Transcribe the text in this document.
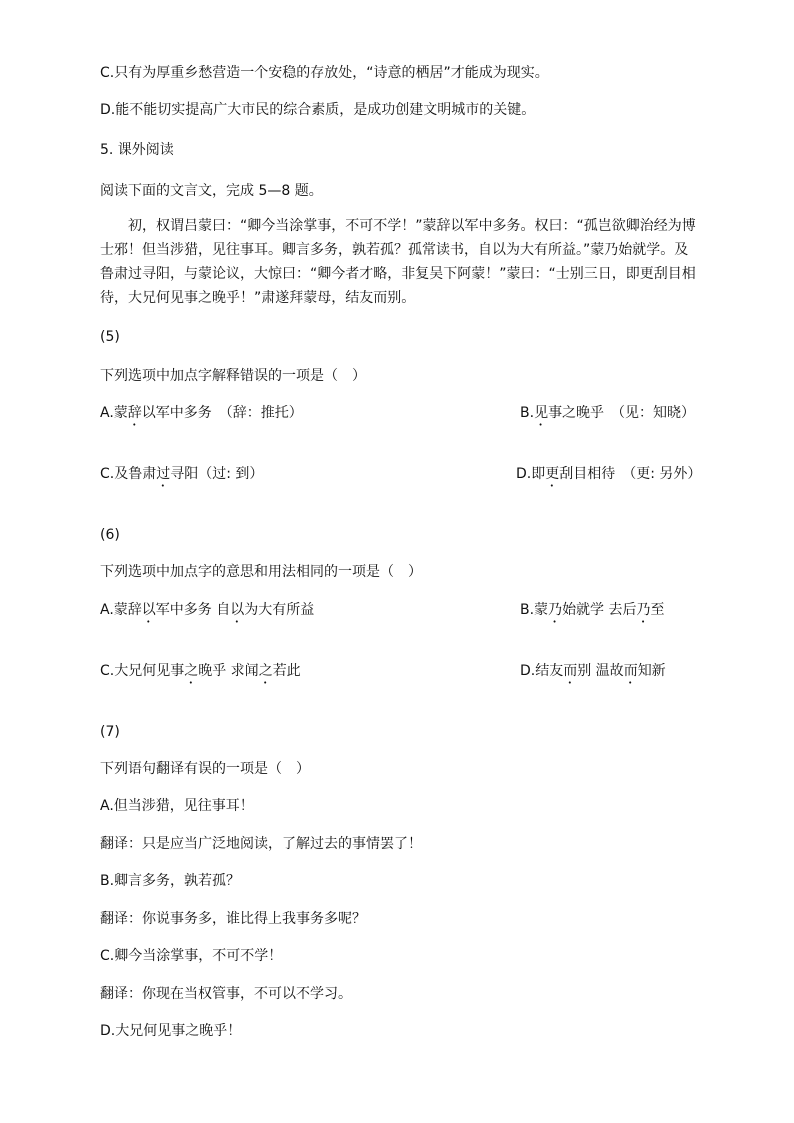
C.只有为厚重乡愁营造一个安稳的存放处，“诗意的栖居”才能成为现实。
D.能不能切实提高广大市民的综合素质，是成功创建文明城市的关键。
5. 课外阅读
阅读下面的文言文，完成 5—8 题。
初，权谓吕蒙曰：“卿今当涂掌事，不可不学！”蒙辞以军中多务。权曰：“孤岂欲卿治经为博士邪！但当涉猎，见往事耳。卿言多务，孰若孤？孤常读书，自以为大有所益。”蒙乃始就学。及鲁肃过寻阳，与蒙论议，大惊曰：“卿今者才略，非复吴下阿蒙！”蒙曰：“士别三日，即更刮目相待，大兄何见事之晚乎！”肃遂拜蒙母，结友而别。
(5)
下列选项中加点字解释错误的一项是（　）
A.蒙辞以军中多务　（辞：推托）	B.见事之晚乎　（见：知晓）
C.及鲁肃过寻阳（过: 到）	D.即更刮目相待　（更: 另外）
(6)
下列选项中加点字的意思和用法相同的一项是（　）
A.蒙辞以军中多务 自以为大有所益	B.蒙乃始就学 去后乃至
C.大兄何见事之晚乎 求闻之若此	D.结友而别 温故而知新
(7)
下列语句翻译有误的一项是（　）
A.但当涉猎，见往事耳！
翻译：只是应当广泛地阅读，了解过去的事情罢了！
B.卿言多务，孰若孤？
翻译：你说事务多，谁比得上我事务多呢？
C.卿今当涂掌事，不可不学！
翻译：你现在当权管事，不可以不学习。
D.大兄何见事之晚乎！
